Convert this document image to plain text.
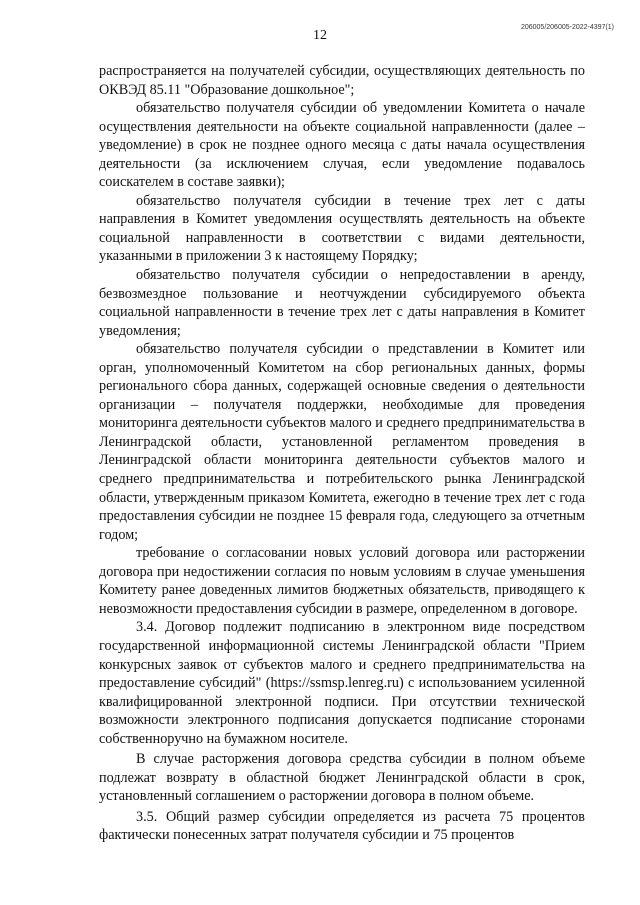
12
206005/206005-2022-4397(1)

распространяется на получателей субсидии, осуществляющих деятельность по ОКВЭД 85.11 "Образование дошкольное";

обязательство получателя субсидии об уведомлении Комитета о начале осуществления деятельности на объекте социальной направленности (далее – уведомление) в срок не позднее одного месяца с даты начала осуществления деятельности (за исключением случая, если уведомление подавалось соискателем в составе заявки);

обязательство получателя субсидии в течение трех лет с даты направления в Комитет уведомления осуществлять деятельность на объекте социальной направленности в соответствии с видами деятельности, указанными в приложении 3 к настоящему Порядку;

обязательство получателя субсидии о непредоставлении в аренду, безвозмездное пользование и неотчуждении субсидируемого объекта социальной направленности в течение трех лет с даты направления в Комитет уведомления;

обязательство получателя субсидии о представлении в Комитет или орган, уполномоченный Комитетом на сбор региональных данных, формы регионального сбора данных, содержащей основные сведения о деятельности организации – получателя поддержки, необходимые для проведения мониторинга деятельности субъектов малого и среднего предпринимательства в Ленинградской области, установленной регламентом проведения в Ленинградской области мониторинга деятельности субъектов малого и среднего предпринимательства и потребительского рынка Ленинградской области, утвержденным приказом Комитета, ежегодно в течение трех лет с года предоставления субсидии не позднее 15 февраля года, следующего за отчетным годом;

требование о согласовании новых условий договора или расторжении договора при недостижении согласия по новым условиям в случае уменьшения Комитету ранее доведенных лимитов бюджетных обязательств, приводящего к невозможности предоставления субсидии в размере, определенном в договоре.

3.4. Договор подлежит подписанию в электронном виде посредством государственной информационной системы Ленинградской области "Прием конкурсных заявок от субъектов малого и среднего предпринимательства на предоставление субсидий" (https://ssmsp.lenreg.ru) с использованием усиленной квалифицированной электронной подписи. При отсутствии технической возможности электронного подписания допускается подписание сторонами собственноручно на бумажном носителе.

В случае расторжения договора средства субсидии в полном объеме подлежат возврату в областной бюджет Ленинградской области в срок, установленный соглашением о расторжении договора в полном объеме.

3.5. Общий размер субсидии определяется из расчета 75 процентов фактически понесенных затрат получателя субсидии и 75 процентов
